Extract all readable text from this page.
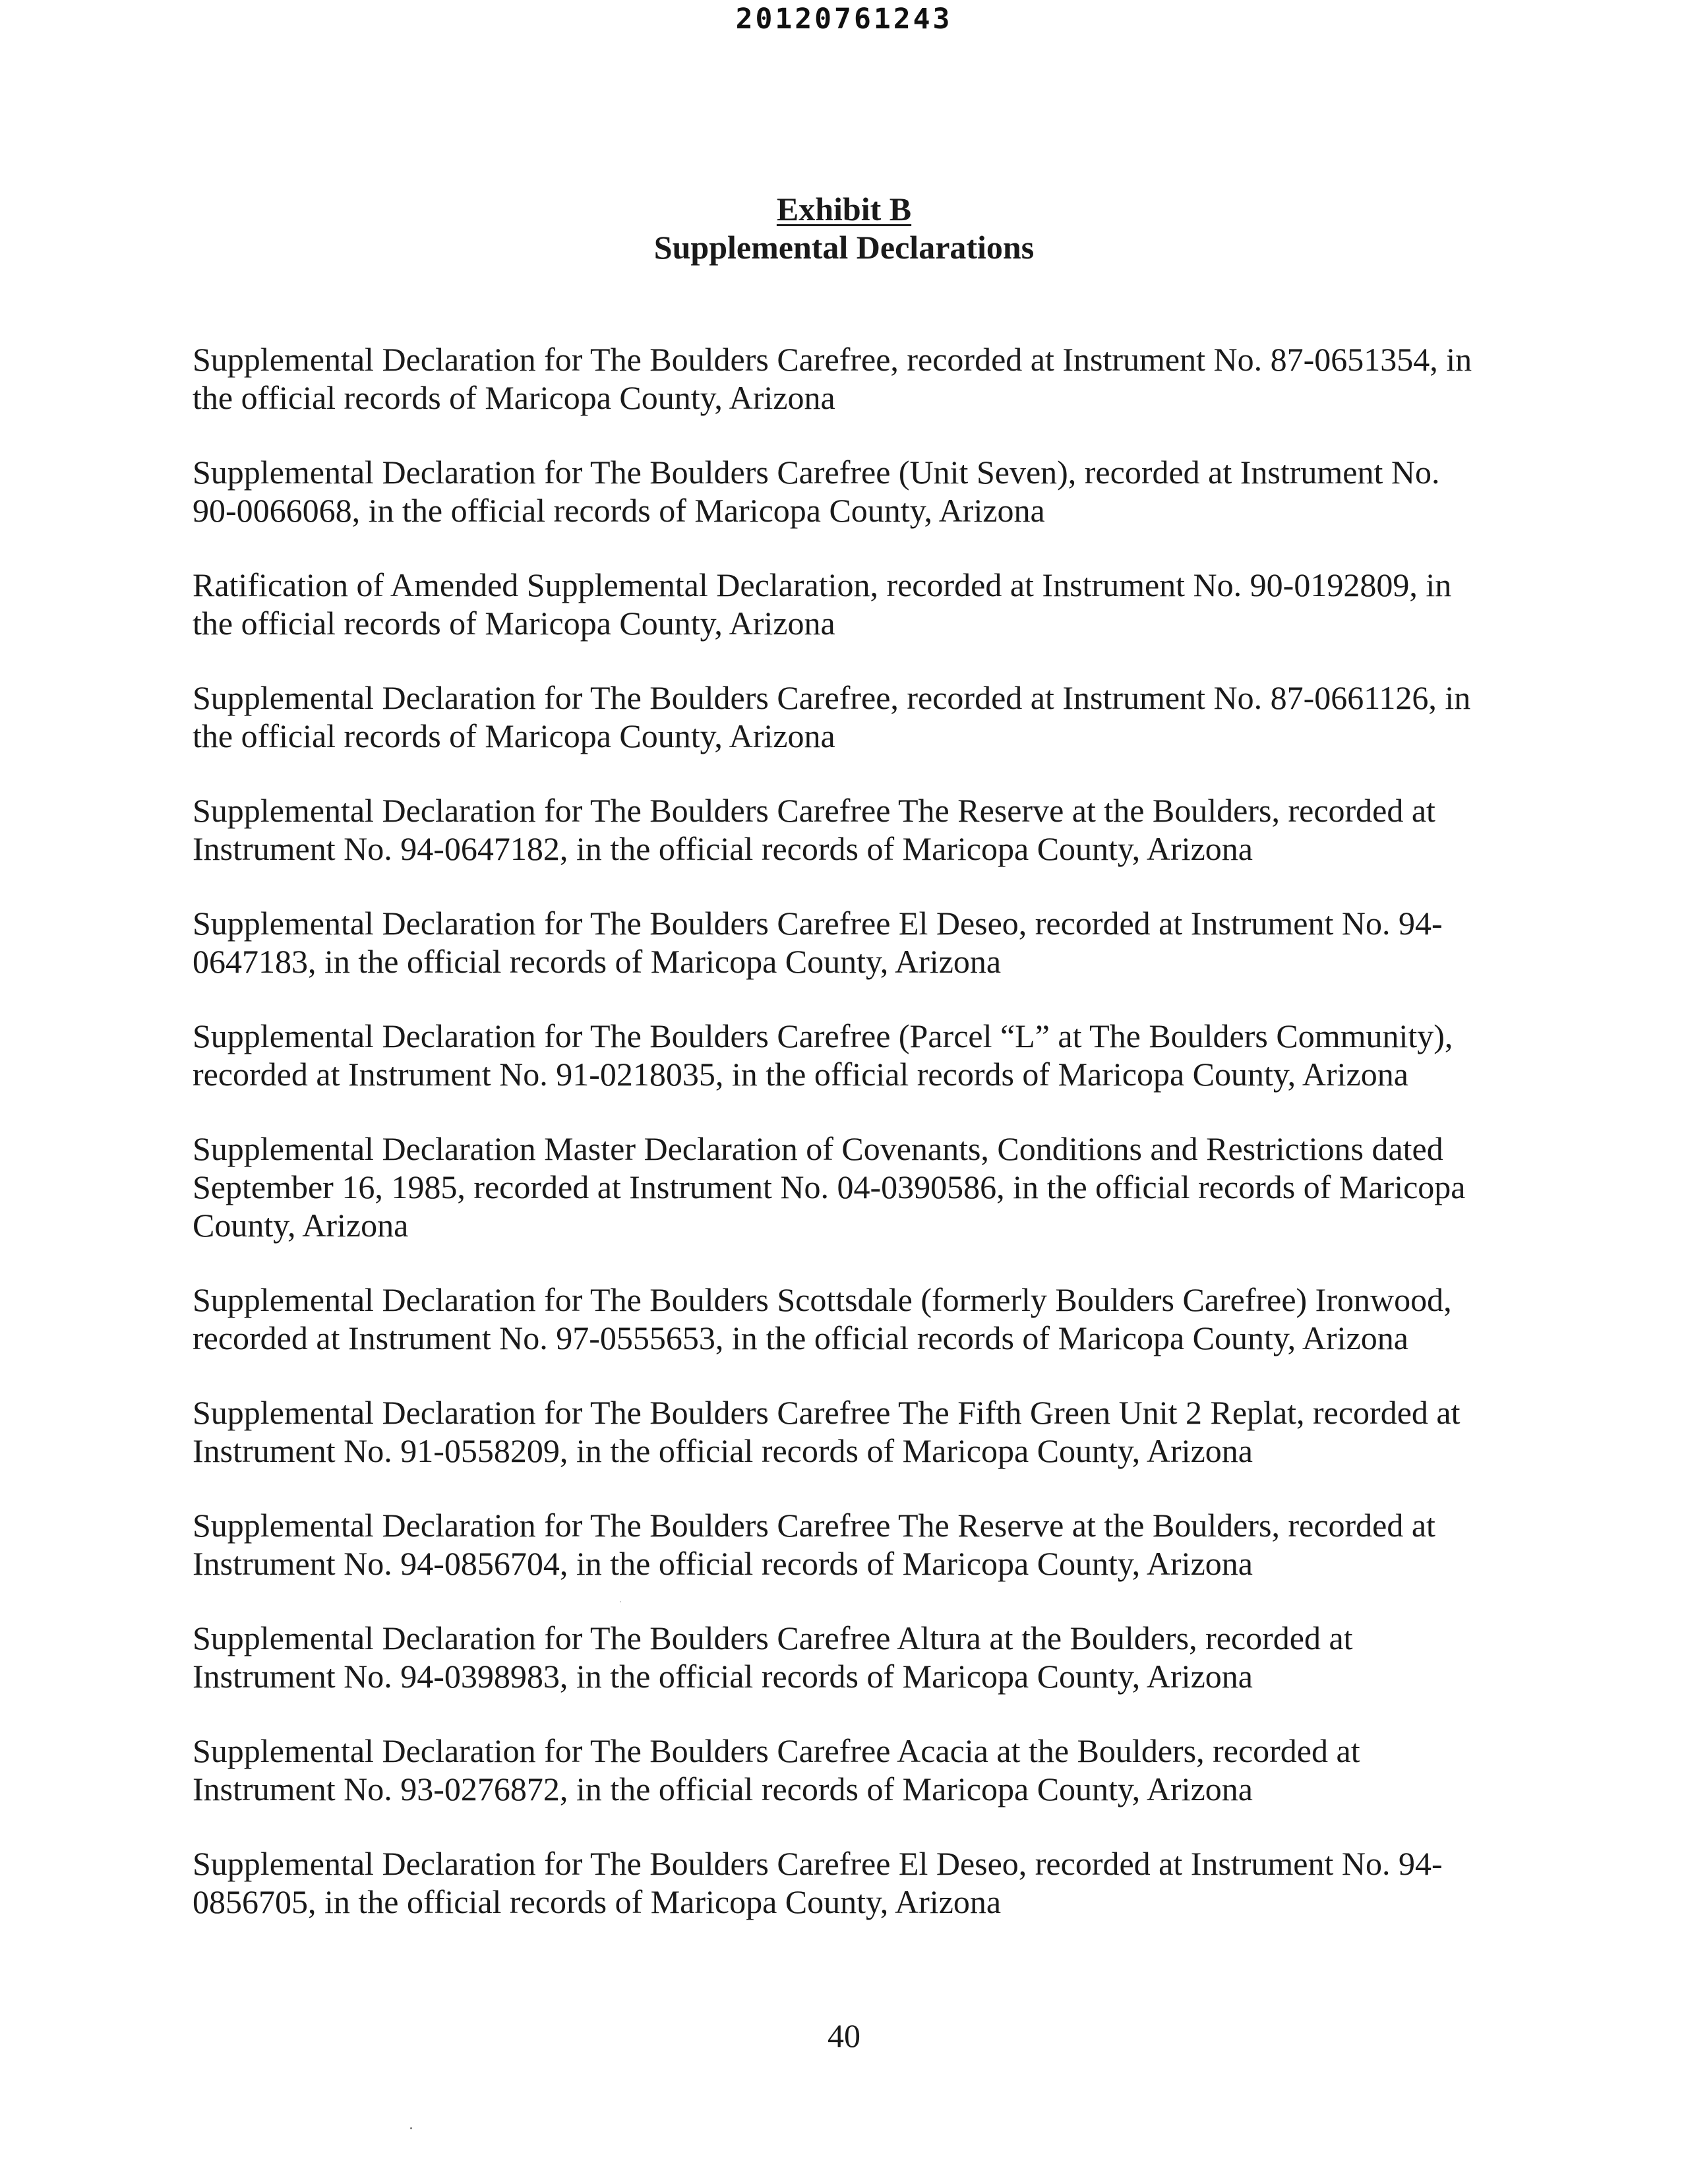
20120761243
Exhibit B
Supplemental Declarations

Supplemental Declaration for The Boulders Carefree, recorded at Instrument No. 87-0651354, in
the official records of Maricopa County, Arizona

Supplemental Declaration for The Boulders Carefree (Unit Seven), recorded at Instrument No.
90-0066068, in the official records of Maricopa County, Arizona

Ratification of Amended Supplemental Declaration, recorded at Instrument No. 90-0192809, in
the official records of Maricopa County, Arizona

Supplemental Declaration for The Boulders Carefree, recorded at Instrument No. 87-0661126, in
the official records of Maricopa County, Arizona

Supplemental Declaration for The Boulders Carefree The Reserve at the Boulders, recorded at
Instrument No. 94-0647182, in the official records of Maricopa County, Arizona

Supplemental Declaration for The Boulders Carefree El Deseo, recorded at Instrument No. 94-
0647183, in the official records of Maricopa County, Arizona

Supplemental Declaration for The Boulders Carefree (Parcel “L” at The Boulders Community),
recorded at Instrument No. 91-0218035, in the official records of Maricopa County, Arizona

Supplemental Declaration Master Declaration of Covenants, Conditions and Restrictions dated
September 16, 1985, recorded at Instrument No. 04-0390586, in the official records of Maricopa
County, Arizona

Supplemental Declaration for The Boulders Scottsdale (formerly Boulders Carefree) Ironwood,
recorded at Instrument No. 97-0555653, in the official records of Maricopa County, Arizona

Supplemental Declaration for The Boulders Carefree The Fifth Green Unit 2 Replat, recorded at
Instrument No. 91-0558209, in the official records of Maricopa County, Arizona

Supplemental Declaration for The Boulders Carefree The Reserve at the Boulders, recorded at
Instrument No. 94-0856704, in the official records of Maricopa County, Arizona

Supplemental Declaration for The Boulders Carefree Altura at the Boulders, recorded at
Instrument No. 94-0398983, in the official records of Maricopa County, Arizona

Supplemental Declaration for The Boulders Carefree Acacia at the Boulders, recorded at
Instrument No. 93-0276872, in the official records of Maricopa County, Arizona

Supplemental Declaration for The Boulders Carefree El Deseo, recorded at Instrument No. 94-
0856705, in the official records of Maricopa County, Arizona

40
